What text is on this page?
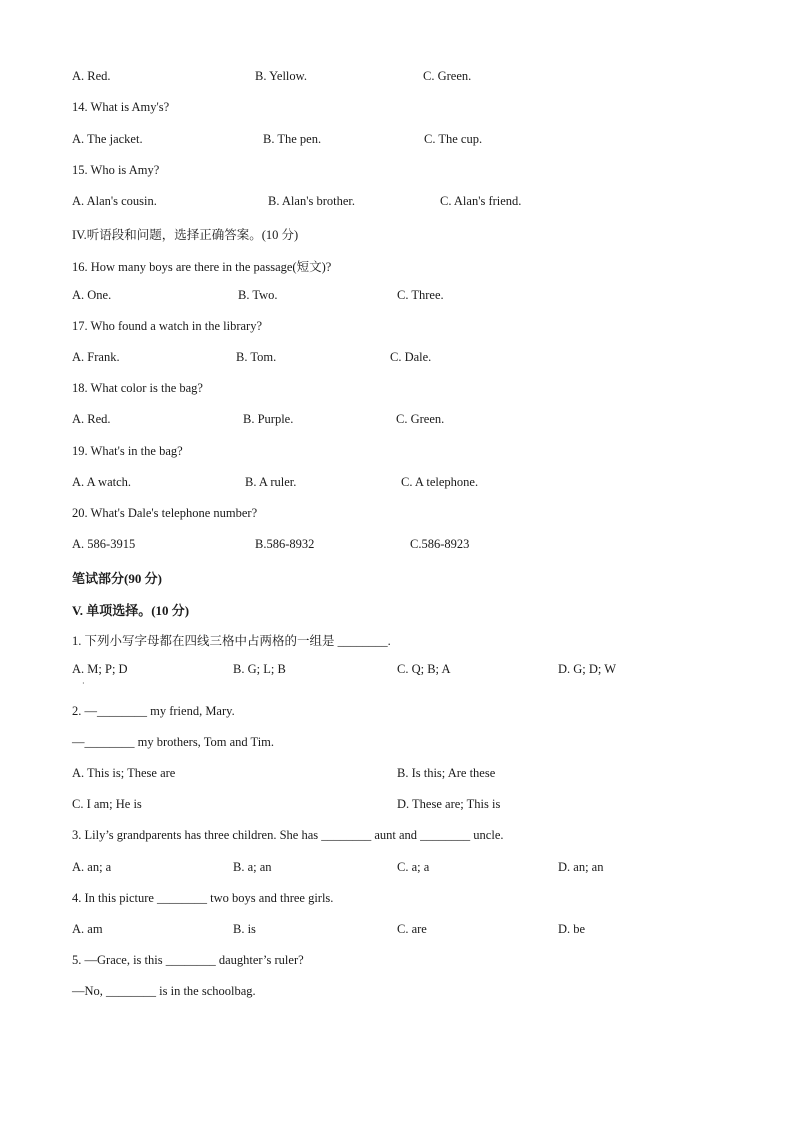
·
A. Red.	B. Yellow.	C. Green.
14. What is Amy's?
A. The jacket.	B. The pen.	C. The cup.
15. Who is Amy?
A. Alan's cousin.	B. Alan's brother.	C. Alan's friend.
IV.听语段和问题，选择正确答案。(10 分)
16. How many boys are there in the passage(短文)?
A. One.	B. Two.	C. Three.
17. Who found a watch in the library?
A. Frank.	B. Tom.	C. Dale.
18. What color is the bag?
A. Red.	B. Purple.	C. Green.
19. What's in the bag?
A. A watch.	B. A ruler.	C. A telephone.
20. What's Dale's telephone number?
A. 586-3915	B.586-8932	C.586-8923
笔试部分(90 分)
V. 单项选择。(10 分)
1. 下列小写字母都在四线三格中占两格的一组是 ________.
A. M; P; D	B. G; L; B	C. Q; B; A	D. G; D; W
2. —________ my friend, Mary.
—________ my brothers, Tom and Tim.
A. This is; These are	B. Is this; Are these
C. I am; He is	D. These are; This is
3. Lily’s grandparents has three children. She has ________ aunt and ________ uncle.
A. an; a	B. a; an	C. a; a	D. an; an
4. In this picture ________ two boys and three girls.
A. am	B. is	C. are	D. be
5. —Grace, is this ________ daughter’s ruler?
—No, ________ is in the schoolbag.
